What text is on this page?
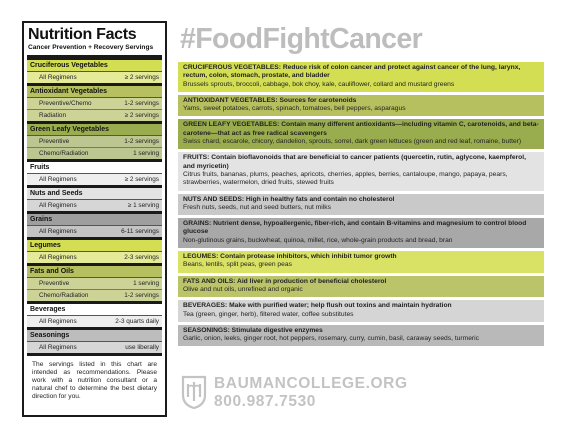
Nutrition Facts
Cancer Prevention + Recovery Servings
Cruciferous Vegetables
All Regimens	≥ 2 servings
Antioxidant Vegetables
Preventive/Chemo	1-2 servings
Radiation	≥ 2 servings
Green Leafy Vegetables
Preventive	1-2 servings
Chemo/Radiation	1 serving
Fruits
All Regimens	≥ 2 servings
Nuts and Seeds
All Regimens	≥ 1 serving
Grains
All Regimens	6-11 servings
Legumes
All Regimens	2-3 servings
Fats and Oils
Preventive	1 serving
Chemo/Radiation	1-2 servings
Beverages
All Regimens	2-3 quarts daily
Seasonings
All Regimens	use liberally
The servings listed in this chart are intended as recommendations. Please work with a nutrition consultant or a natural chef to determine the best dietary direction for you.
#FoodFightCancer
CRUCIFEROUS VEGETABLES: Reduce risk of colon cancer and protect against cancer of the lung, larynx, rectum, colon, stomach, prostate, and bladder
Brussels sprouts, broccoli, cabbage, bok choy, kale, cauliflower, collard and mustard greens
ANTIOXIDANT VEGETABLES: Sources for carotenoids
Yams, sweet potatoes, carrots, spinach, tomatoes, bell peppers, asparagus
GREEN LEAFY VEGETABLES: Contain many different antioxidants—including vitamin C, carotenoids, and beta-carotene—that act as free radical scavengers
Swiss chard, escarole, chicory, dandelion, sprouts, sorrel, dark green lettuces (green and red leaf, romaine, butter)
FRUITS: Contain bioflavonoids that are beneficial to cancer patients (quercetin, rutin, aglycone, kaempferol, and myricetin)
Citrus fruits, bananas, plums, peaches, apricots, cherries, apples, berries, cantaloupe, mango, papaya, pears, strawberries, watermelon, dried fruits, stewed fruits
NUTS AND SEEDS: High in healthy fats and contain no cholesterol
Fresh nuts, seeds, nut and seed butters, nut milks
GRAINS: Nutrient dense, hypoallergenic, fiber-rich, and contain B-vitamins and magnesium to control blood glucose
Non-glutinous grains, buckwheat, quinoa, millet, rice, whole-grain products and bread, bran
LEGUMES: Contain protease inhibitors, which inhibit tumor growth
Beans, lentils, split peas, green peas
FATS AND OILS: Aid liver in production of beneficial cholesterol
Olive and nut oils, unrefined and organic
BEVERAGES: Make with purified water; help flush out toxins and maintain hydration
Tea (green, ginger, herb), filtered water, coffee substitutes
SEASONINGS: Stimulate digestive enzymes
Garlic, onion, leeks, ginger root, hot peppers, rosemary, curry, cumin, basil, caraway seeds, turmeric
BAUMANCOLLEGE.ORG
800.987.7530
